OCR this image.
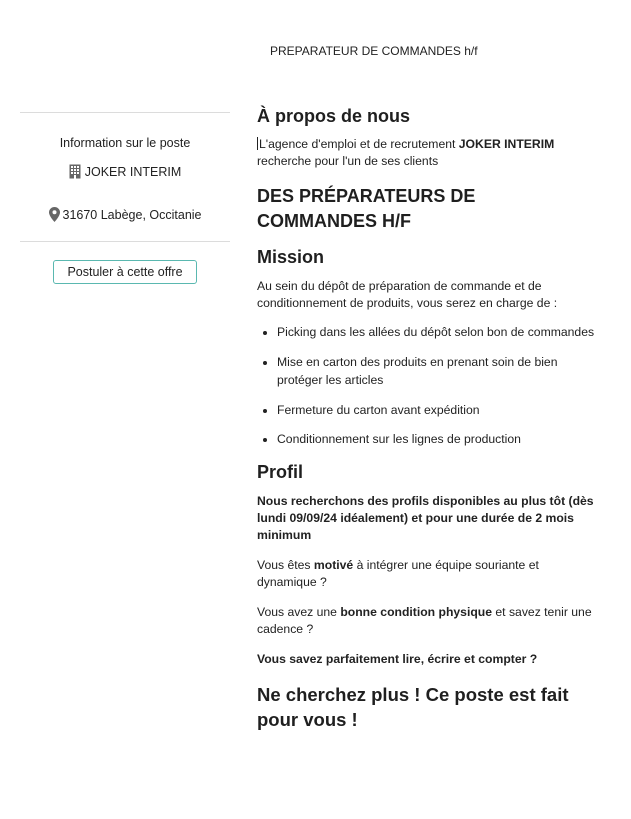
PREPARATEUR DE COMMANDES h/f
Information sur le poste
JOKER INTERIM
31670 Labège, Occitanie
Postuler à cette offre
À propos de nous

L'agence d'emploi et de recrutement JOKER INTERIM recherche pour l'un de ses clients

DES PRÉPARATEURS DE COMMANDES H/F
Mission

Au sein du dépôt de préparation de commande et de conditionnement de produits, vous serez en charge de :

• Picking dans les allées du dépôt selon bon de commandes
• Mise en carton des produits en prenant soin de bien protéger les articles
• Fermeture du carton avant expédition
• Conditionnement sur les lignes de production
Profil

Nous recherchons des profils disponibles au plus tôt (dès lundi 09/09/24 idéalement) et pour une durée de 2 mois minimum

Vous êtes motivé à intégrer une équipe souriante et dynamique ?

Vous avez une bonne condition physique et savez tenir une cadence ?

Vous savez parfaitement lire, écrire et compter ?

Ne cherchez plus ! Ce poste est fait pour vous !
